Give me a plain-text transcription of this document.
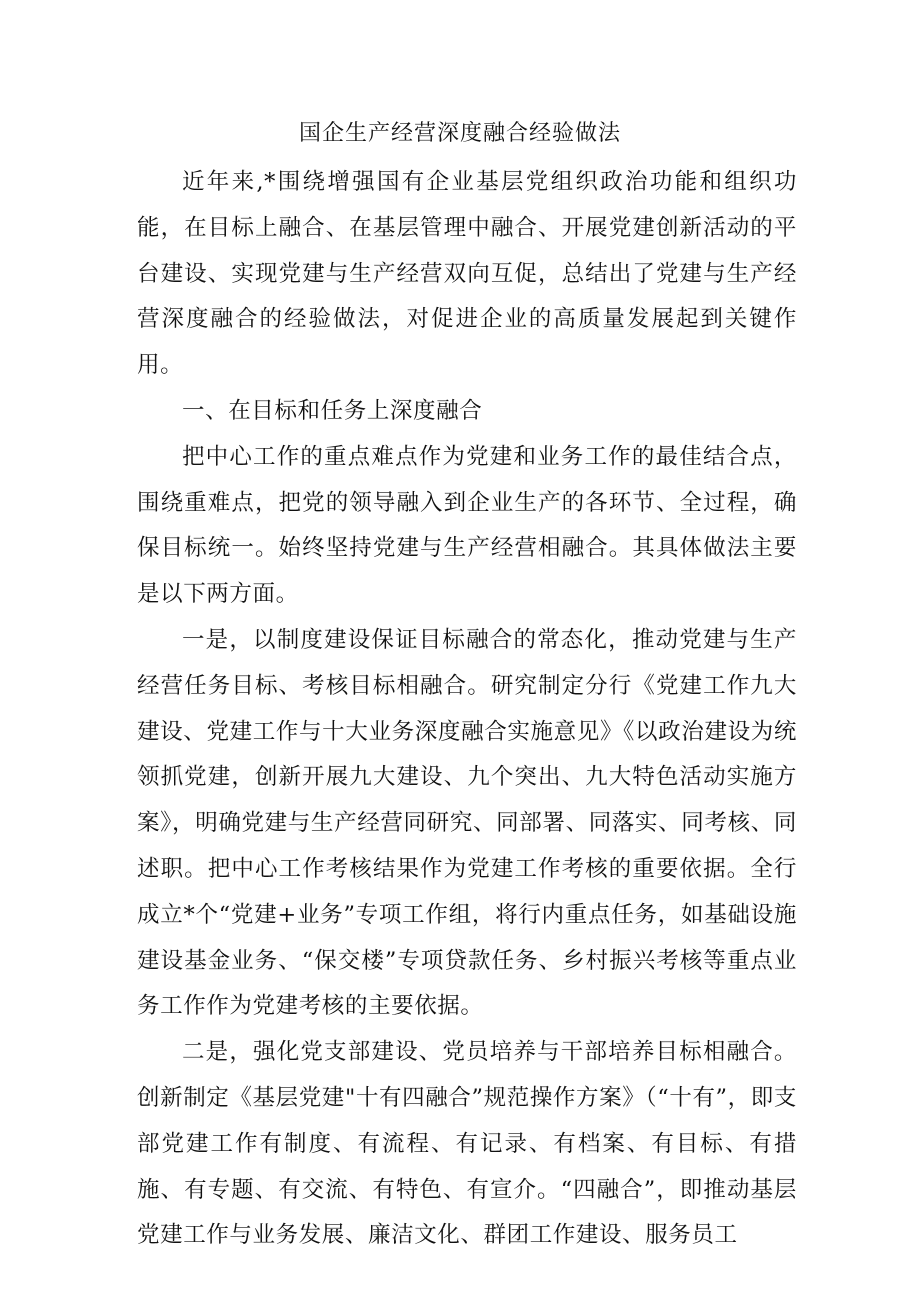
国企生产经营深度融合经验做法

近年来,*围绕增强国有企业基层党组织政治功能和组织功能，在目标上融合、在基层管理中融合、开展党建创新活动的平台建设、实现党建与生产经营双向互促，总结出了党建与生产经营深度融合的经验做法，对促进企业的高质量发展起到关键作用。

一、在目标和任务上深度融合

把中心工作的重点难点作为党建和业务工作的最佳结合点，围绕重难点，把党的领导融入到企业生产的各环节、全过程，确保目标统一。始终坚持党建与生产经营相融合。其具体做法主要是以下两方面。

一是，以制度建设保证目标融合的常态化，推动党建与生产经营任务目标、考核目标相融合。研究制定分行《党建工作九大建设、党建工作与十大业务深度融合实施意见》《以政治建设为统领抓党建，创新开展九大建设、九个突出、九大特色活动实施方案》，明确党建与生产经营同研究、同部署、同落实、同考核、同述职。把中心工作考核结果作为党建工作考核的重要依据。全行成立*个“党建+业务”专项工作组，将行内重点任务，如基础设施建设基金业务、“保交楼”专项贷款任务、乡村振兴考核等重点业务工作作为党建考核的主要依据。

二是，强化党支部建设、党员培养与干部培养目标相融合。创新制定《基层党建"十有四融合”规范操作方案》（“十有”，即支部党建工作有制度、有流程、有记录、有档案、有目标、有措施、有专题、有交流、有特色、有宣介。“四融合”，即推动基层党建工作与业务发展、廉洁文化、群团工作建设、服务员工
